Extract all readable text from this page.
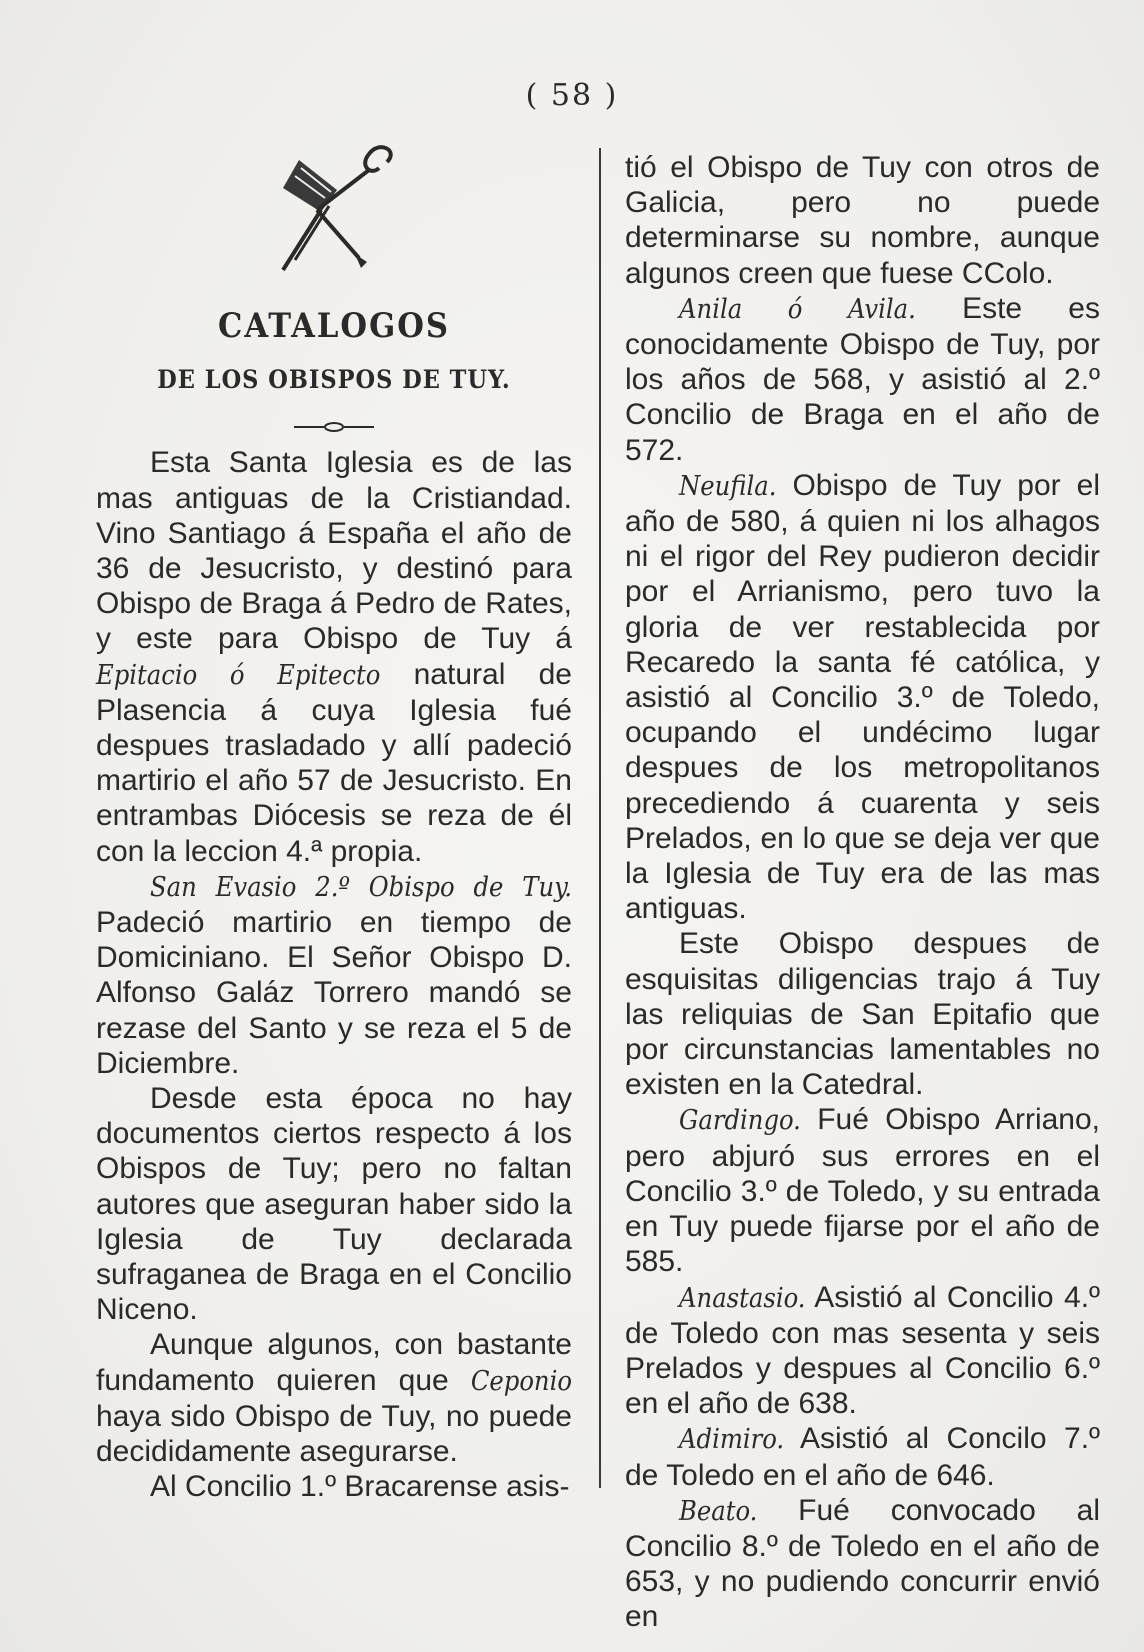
( 58 )
CATALOGOS
DE LOS OBISPOS DE TUY.

Esta Santa Iglesia es de las mas antiguas de la Cristiandad. Vino Santiago á España el año de 36 de Jesucristo, y destinó para Obispo de Braga á Pedro de Rates, y este para Obispo de Tuy á Epitacio ó Epitecto natural de Plasencia á cuya Iglesia fué despues trasladado y allí padeció martirio el año 57 de Jesucristo. En entrambas Diócesis se reza de él con la leccion 4.ª propia.

San Evasio 2.º Obispo de Tuy. Padeció martirio en tiempo de Domiciniano. El Señor Obispo D. Alfonso Galáz Torrero mandó se rezase del Santo y se reza el 5 de Diciembre.

Desde esta época no hay documentos ciertos respecto á los Obispos de Tuy; pero no faltan autores que aseguran haber sido la Iglesia de Tuy declarada sufraganea de Braga en el Concilio Niceno.

Aunque algunos, con bastante fundamento quieren que Ceponio haya sido Obispo de Tuy, no puede decididamente asegurarse.

Al Concilio 1.º Bracarense asis-

tió el Obispo de Tuy con otros de Galicia, pero no puede determinarse su nombre, aunque algunos creen que fuese CColo.

Anila ó Avila. Este es conocidamente Obispo de Tuy, por los años de 568, y asistió al 2.º Concilio de Braga en el año de 572.

Neufila. Obispo de Tuy por el año de 580, á quien ni los alhagos ni el rigor del Rey pudieron decidir por el Arrianismo, pero tuvo la gloria de ver restablecida por Recaredo la santa fé católica, y asistió al Concilio 3.º de Toledo, ocupando el undécimo lugar despues de los metropolitanos precediendo á cuarenta y seis Prelados, en lo que se deja ver que la Iglesia de Tuy era de las mas antiguas.

Este Obispo despues de esquisitas diligencias trajo á Tuy las reliquias de San Epitafio que por circunstancias lamentables no existen en la Catedral.

Gardingo. Fué Obispo Arriano, pero abjuró sus errores en el Concilio 3.º de Toledo, y su entrada en Tuy puede fijarse por el año de 585.

Anastasio. Asistió al Concilio 4.º de Toledo con mas sesenta y seis Prelados y despues al Concilio 6.º en el año de 638.

Adimiro. Asistió al Concilo 7.º de Toledo en el año de 646.

Beato. Fué convocado al Concilio 8.º de Toledo en el año de 653, y no pudiendo concurrir envió en
